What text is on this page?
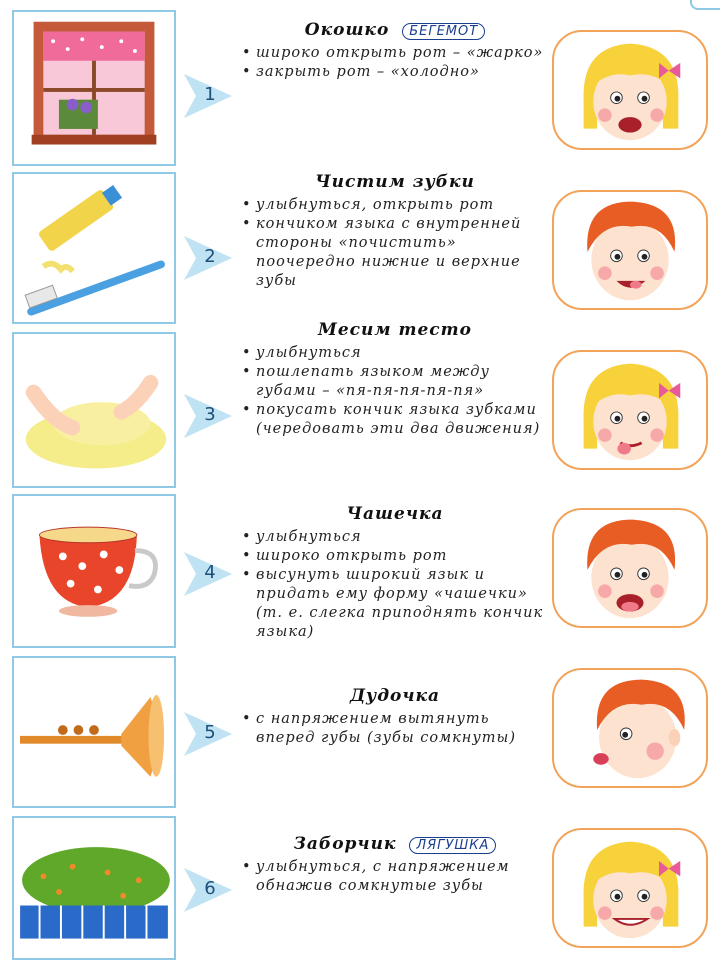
1
Окошко БЕГЕМОТ
• широко открыть рот – «жарко»
• закрыть рот – «холодно»
2
Чистим зубки
• улыбнуться, открыть рот
• кончиком языка с внутренней стороны «почистить» поочередно нижние и верхние зубы
3
Месим тесто
• улыбнуться
• пошлепать языком между губами – «пя-пя-пя-пя-пя»
• покусать кончик языка зубками (чередовать эти два движения)
4
Чашечка
• улыбнуться
• широко открыть рот
• высунуть широкий язык и придать ему форму «чашечки» (т. е. слегка приподнять кончик языка)
5
Дудочка
• с напряжением вытянуть вперед губы (зубы сомкнуты)
6
Заборчик ЛЯГУШКА
• улыбнуться, с напряжением обнажив сомкнутые зубы
